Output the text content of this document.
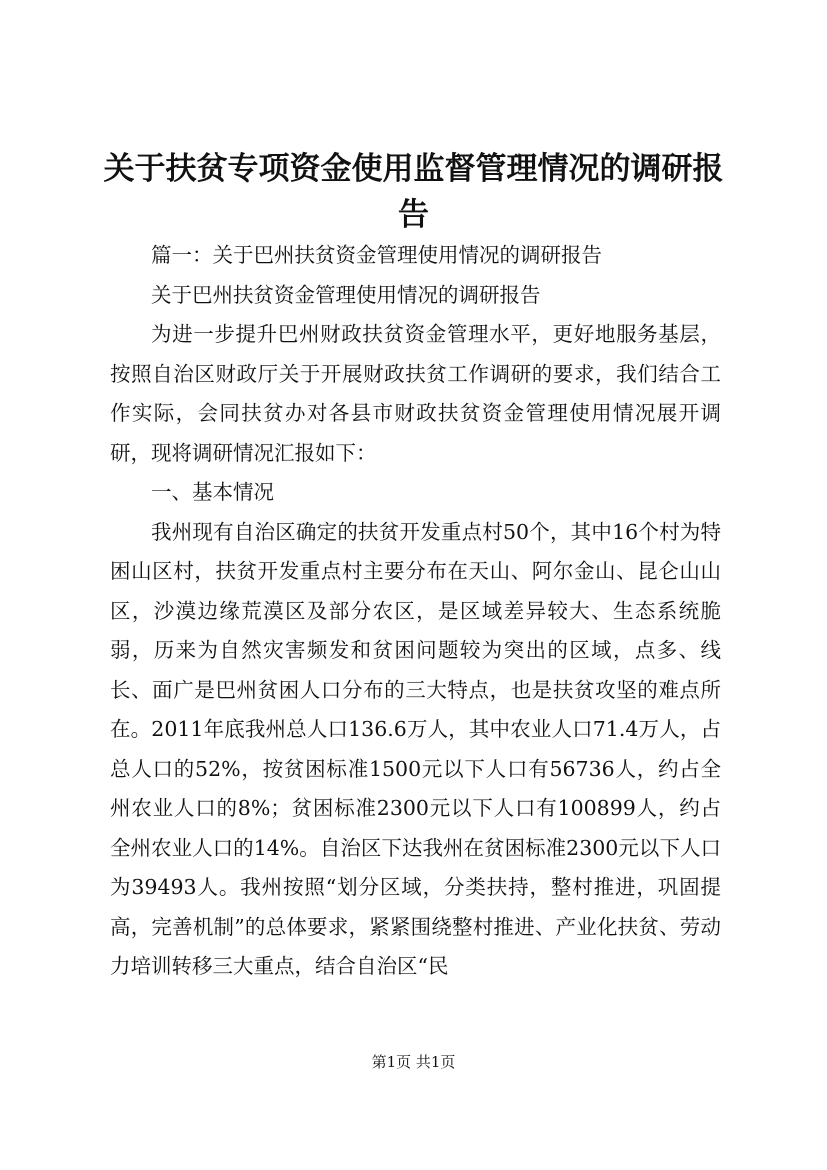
关于扶贫专项资金使用监督管理情况的调研报告

篇一：关于巴州扶贫资金管理使用情况的调研报告

关于巴州扶贫资金管理使用情况的调研报告

为进一步提升巴州财政扶贫资金管理水平，更好地服务基层，按照自治区财政厅关于开展财政扶贫工作调研的要求，我们结合工作实际，会同扶贫办对各县市财政扶贫资金管理使用情况展开调研，现将调研情况汇报如下：

一、基本情况

我州现有自治区确定的扶贫开发重点村50个，其中16个村为特困山区村，扶贫开发重点村主要分布在天山、阿尔金山、昆仑山山区，沙漠边缘荒漠区及部分农区，是区域差异较大、生态系统脆弱，历来为自然灾害频发和贫困问题较为突出的区域，点多、线长、面广是巴州贫困人口分布的三大特点，也是扶贫攻坚的难点所在。2011年底我州总人口136.6万人，其中农业人口71.4万人，占总人口的52%，按贫困标准1500元以下人口有56736人，约占全州农业人口的8%；贫困标准2300元以下人口有100899人，约占全州农业人口的14%。自治区下达我州在贫困标准2300元以下人口为39493人。我州按照“划分区域，分类扶持，整村推进，巩固提高，完善机制”的总体要求，紧紧围绕整村推进、产业化扶贫、劳动力培训转移三大重点，结合自治区“民

第1页 共1页
